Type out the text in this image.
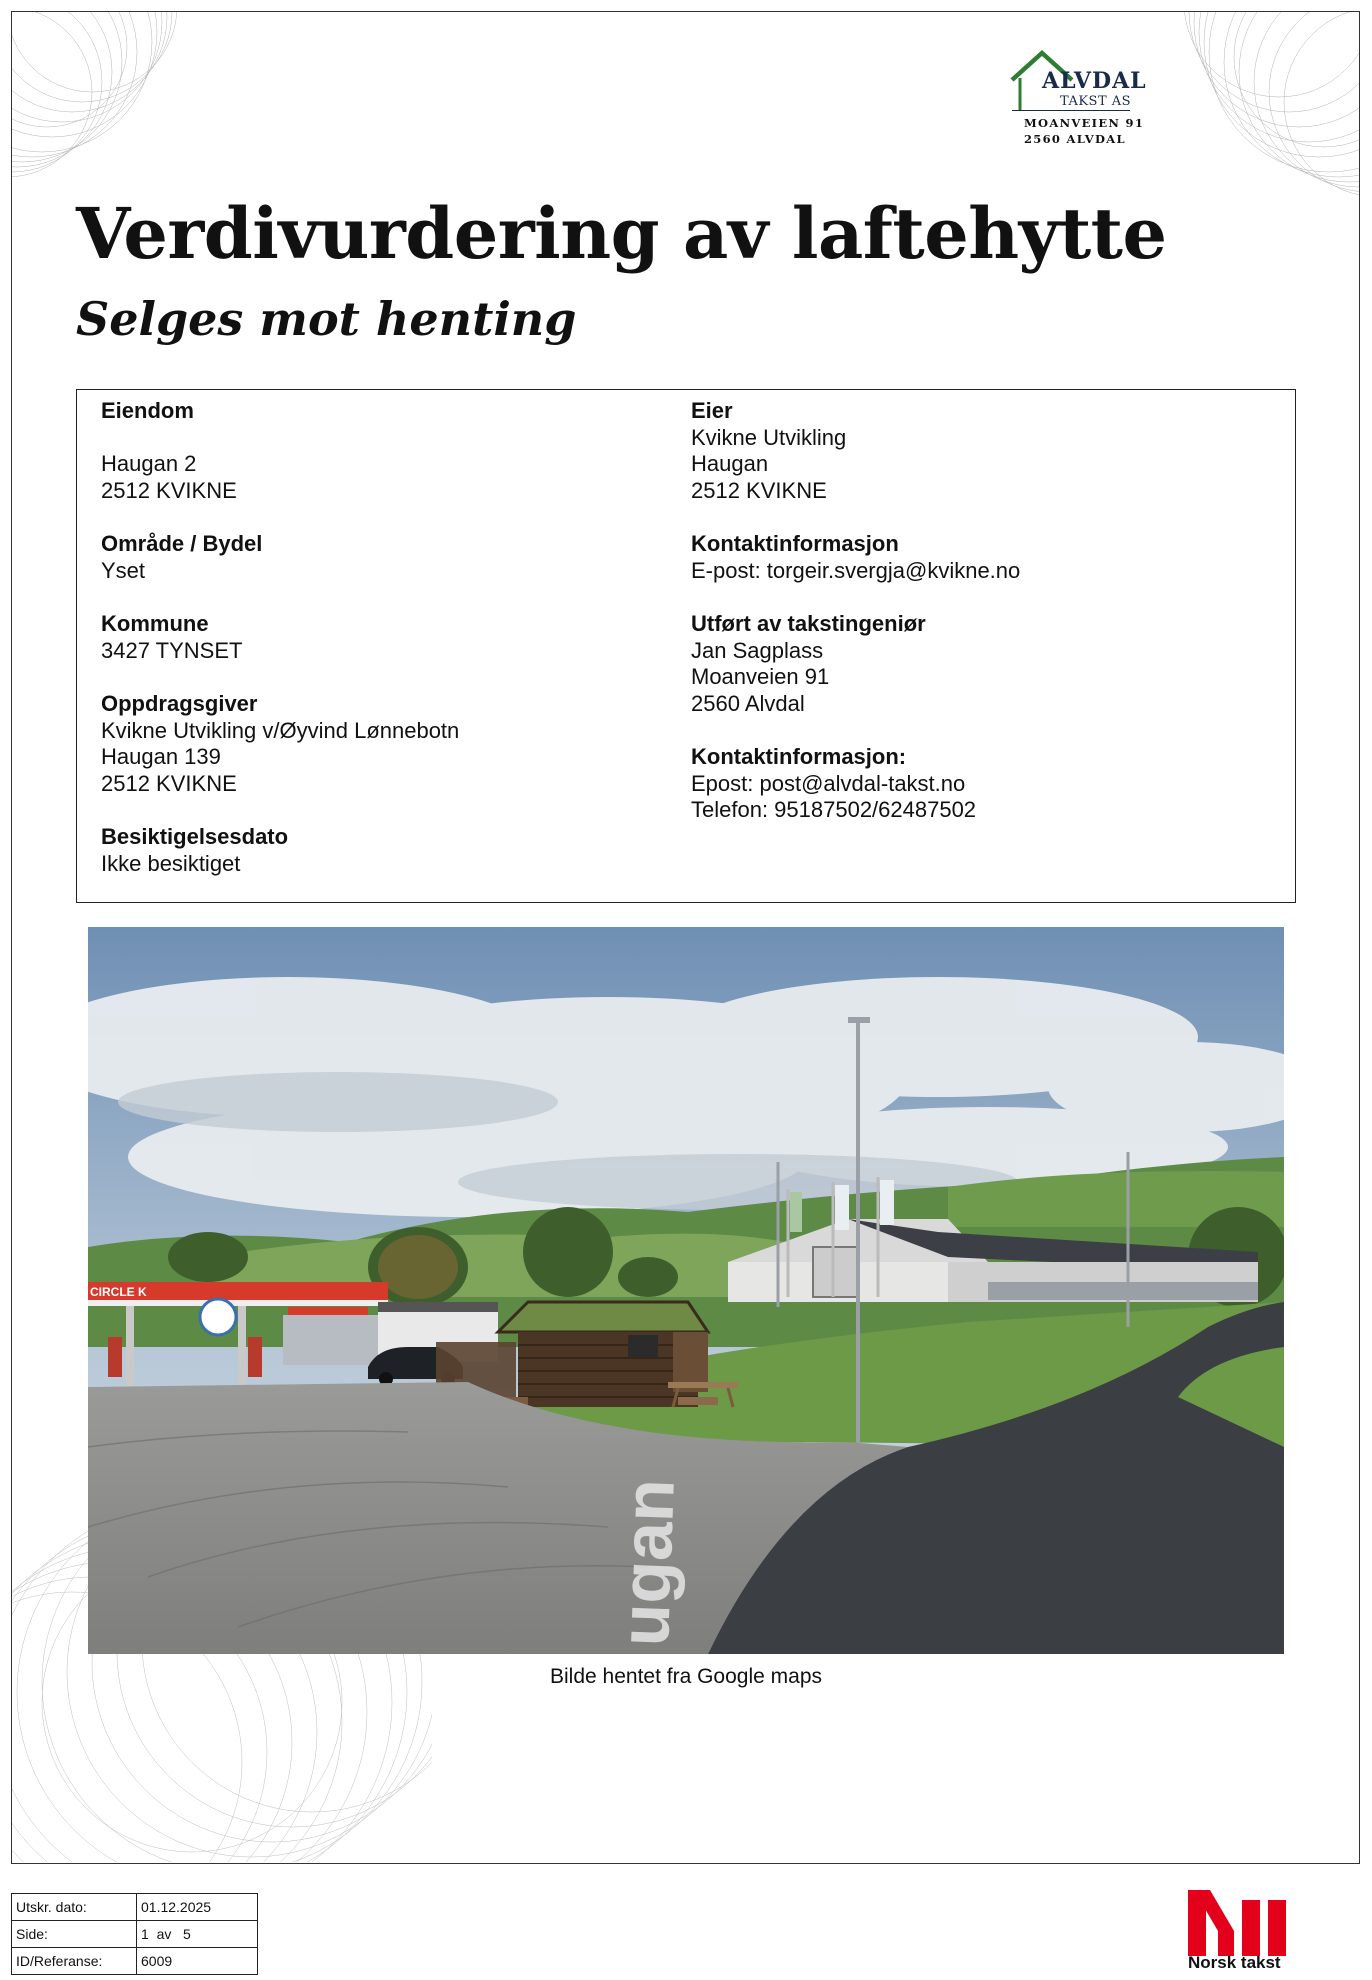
ALVDAL
TAKST AS
MOANVEIEN 91
2560 ALVDAL
Verdivurdering av laftehytte
Selges mot henting
Eiendom
Haugan 2
2512 KVIKNE
Område / Bydel
Yset
Kommune
3427 TYNSET
Oppdragsgiver
Kvikne Utvikling v/Øyvind Lønnebotn
Haugan 139
2512 KVIKNE
Besiktigelsesdato
Ikke besiktiget
Eier
Kvikne Utvikling
Haugan
2512 KVIKNE
Kontaktinformasjon
E-post: torgeir.svergja@kvikne.no
Utført av takstingeniør
Jan Sagplass
Moanveien 91
2560 Alvdal
Kontaktinformasjon:
Epost: post@alvdal-takst.no
Telefon: 95187502/62487502
CIRCLE K
ugan
Bilde hentet fra Google maps
Utskr. dato:	01.12.2025
Side:	1  av   5
ID/Referanse:	6009	Norsk takst
